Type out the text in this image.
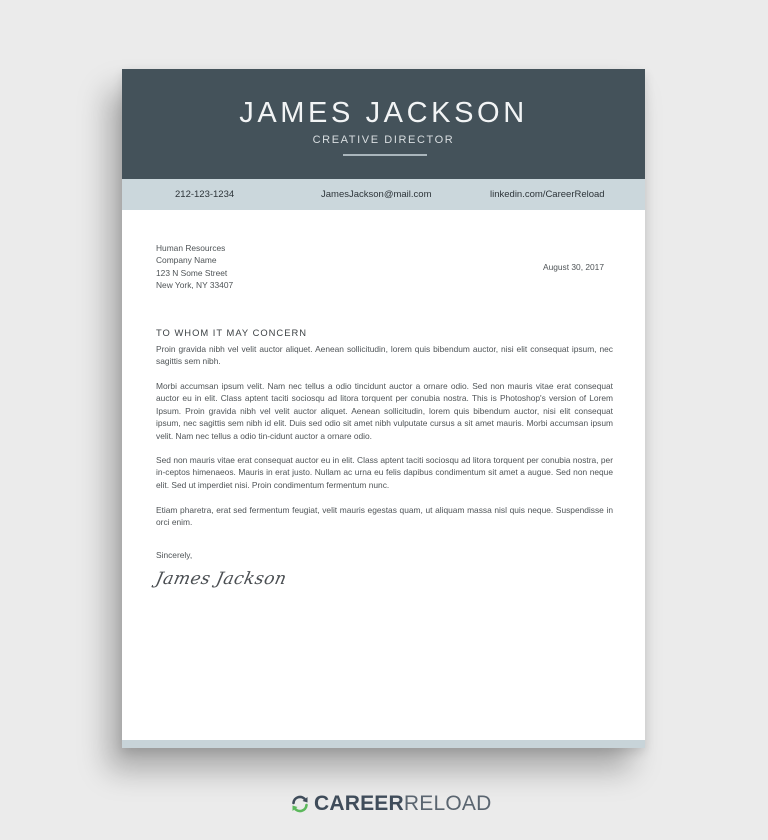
JAMES JACKSON
CREATIVE DIRECTOR
212-123-1234	JamesJackson@mail.com	linkedin.com/CareerReload
Human Resources
Company Name
123 N Some Street
New York, NY 33407
August 30, 2017
TO WHOM IT MAY CONCERN

Proin gravida nibh vel velit auctor aliquet. Aenean sollicitudin, lorem quis bibendum auctor, nisi elit consequat ipsum, nec sagittis sem nibh.

Morbi accumsan ipsum velit. Nam nec tellus a odio tincidunt auctor a ornare odio. Sed non mauris vitae erat consequat auctor eu in elit. Class aptent taciti sociosqu ad litora torquent per conubia nostra. This is Photoshop's version of Lorem Ipsum. Proin gravida nibh vel velit auctor aliquet. Aenean sollicitudin, lorem quis bibendum auctor, nisi elit consequat ipsum, nec sagittis sem nibh id elit. Duis sed odio sit amet nibh vulputate cursus a sit amet mauris. Morbi accumsan ipsum velit. Nam nec tellus a odio tin-cidunt auctor a ornare odio.

Sed non mauris vitae erat consequat auctor eu in elit. Class aptent taciti sociosqu ad litora torquent per conubia nostra, per in-ceptos himenaeos. Mauris in erat justo. Nullam ac urna eu felis dapibus condimentum sit amet a augue. Sed non neque elit. Sed ut imperdiet nisi. Proin condimentum fermentum nunc.

Etiam pharetra, erat sed fermentum feugiat, velit mauris egestas quam, ut aliquam massa nisl quis neque. Suspendisse in orci enim.

Sincerely,
James Jackson
CAREER RELOAD
